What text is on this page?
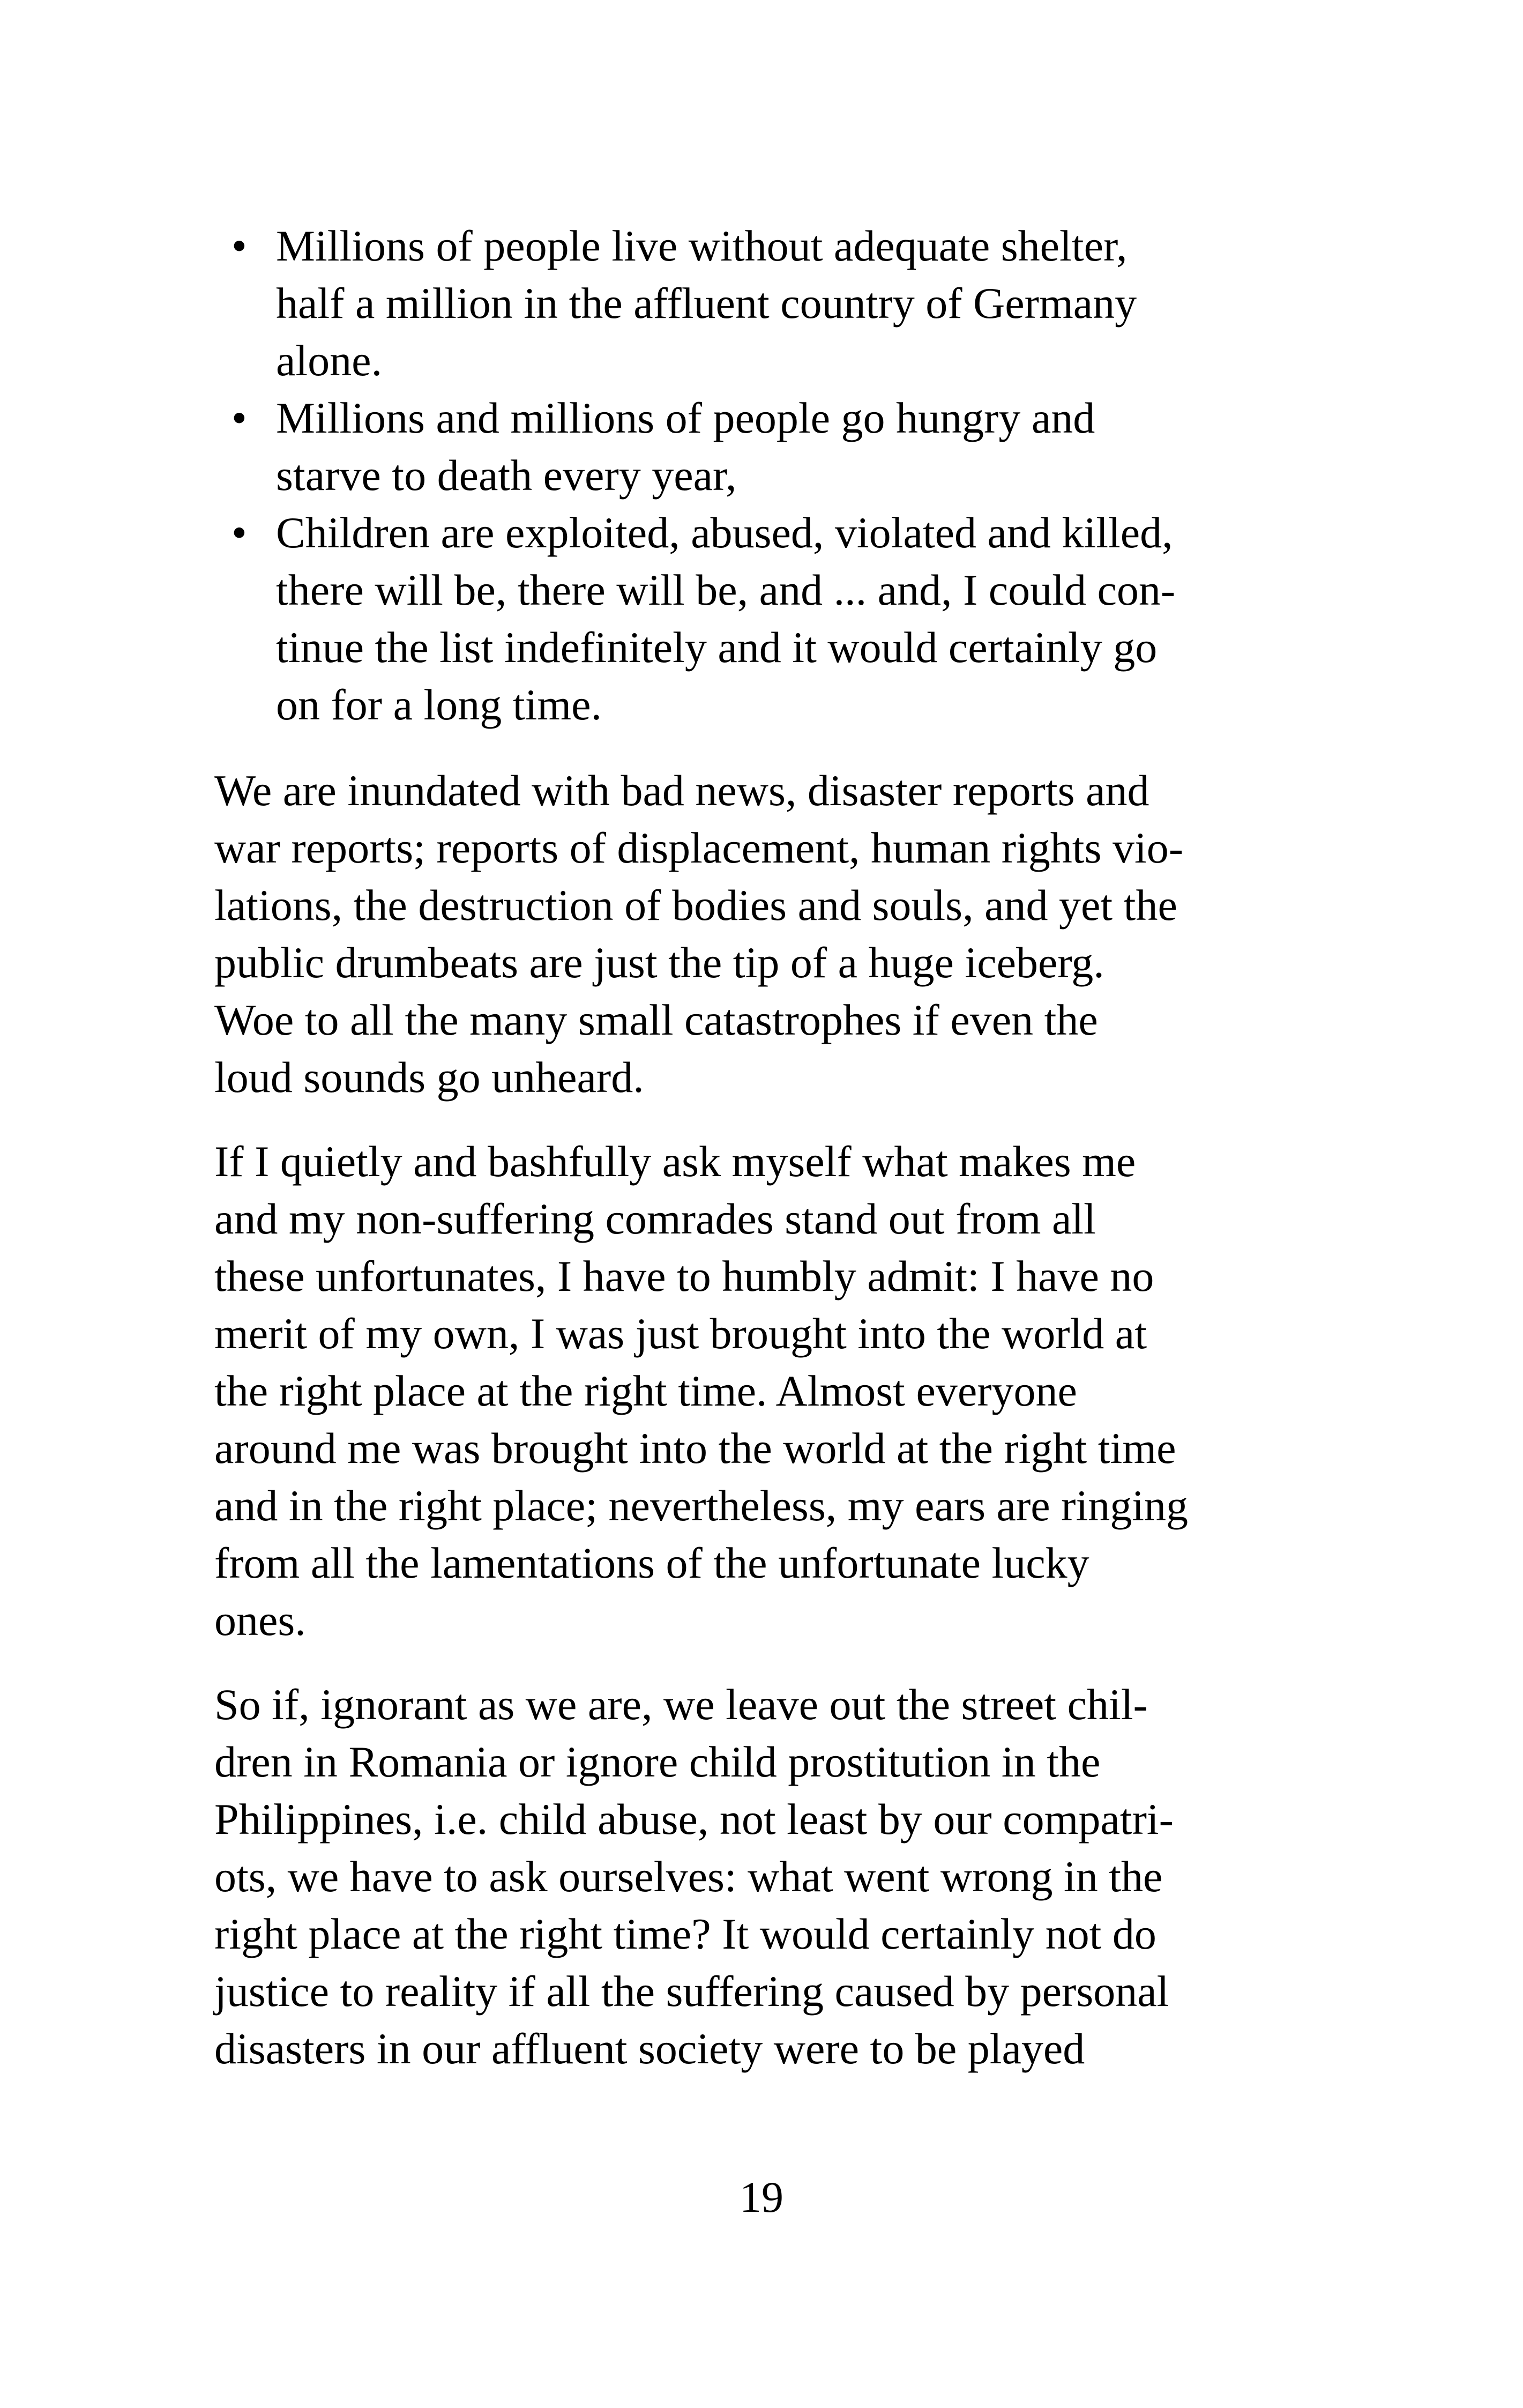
• Millions of people live without adequate shelter,
half a million in the affluent country of Germany
alone.
• Millions and millions of people go hungry and
starve to death every year,
• Children are exploited, abused, violated and killed,
there will be, there will be, and ... and, I could con-
tinue the list indefinitely and it would certainly go
on for a long time.

We are inundated with bad news, disaster reports and
war reports; reports of displacement, human rights vio-
lations, the destruction of bodies and souls, and yet the
public drumbeats are just the tip of a huge iceberg.
Woe to all the many small catastrophes if even the
loud sounds go unheard.

If I quietly and bashfully ask myself what makes me
and my non-suffering comrades stand out from all
these unfortunates, I have to humbly admit: I have no
merit of my own, I was just brought into the world at
the right place at the right time. Almost everyone
around me was brought into the world at the right time
and in the right place; nevertheless, my ears are ringing
from all the lamentations of the unfortunate lucky
ones.

So if, ignorant as we are, we leave out the street chil-
dren in Romania or ignore child prostitution in the
Philippines, i.e. child abuse, not least by our compatri-
ots, we have to ask ourselves: what went wrong in the
right place at the right time? It would certainly not do
justice to reality if all the suffering caused by personal
disasters in our affluent society were to be played

19
